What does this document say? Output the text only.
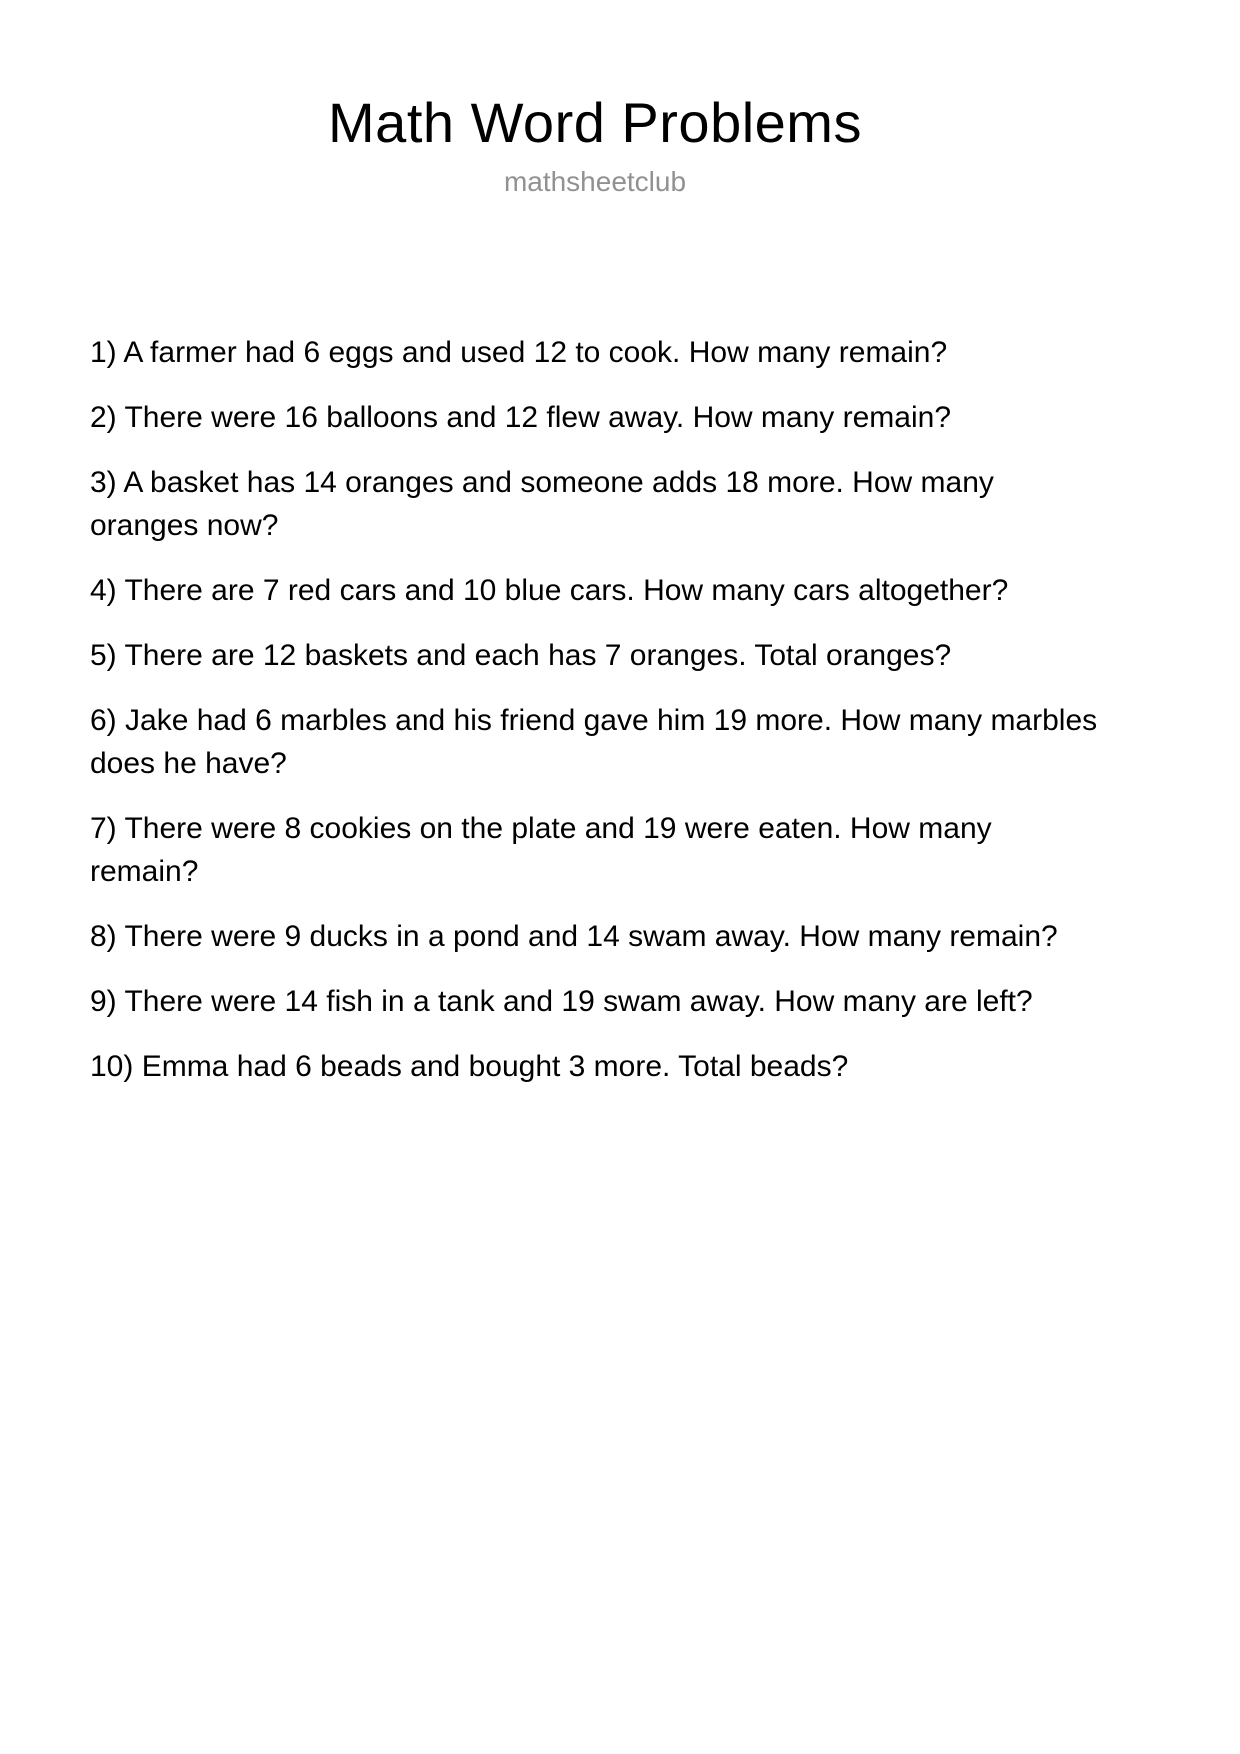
Math Word Problems
mathsheetclub

1) A farmer had 6 eggs and used 12 to cook. How many remain?

2) There were 16 balloons and 12 flew away. How many remain?

3) A basket has 14 oranges and someone adds 18 more. How many oranges now?

4) There are 7 red cars and 10 blue cars. How many cars altogether?

5) There are 12 baskets and each has 7 oranges. Total oranges?

6) Jake had 6 marbles and his friend gave him 19 more. How many marbles does he have?

7) There were 8 cookies on the plate and 19 were eaten. How many remain?

8) There were 9 ducks in a pond and 14 swam away. How many remain?

9) There were 14 fish in a tank and 19 swam away. How many are left?

10) Emma had 6 beads and bought 3 more. Total beads?
